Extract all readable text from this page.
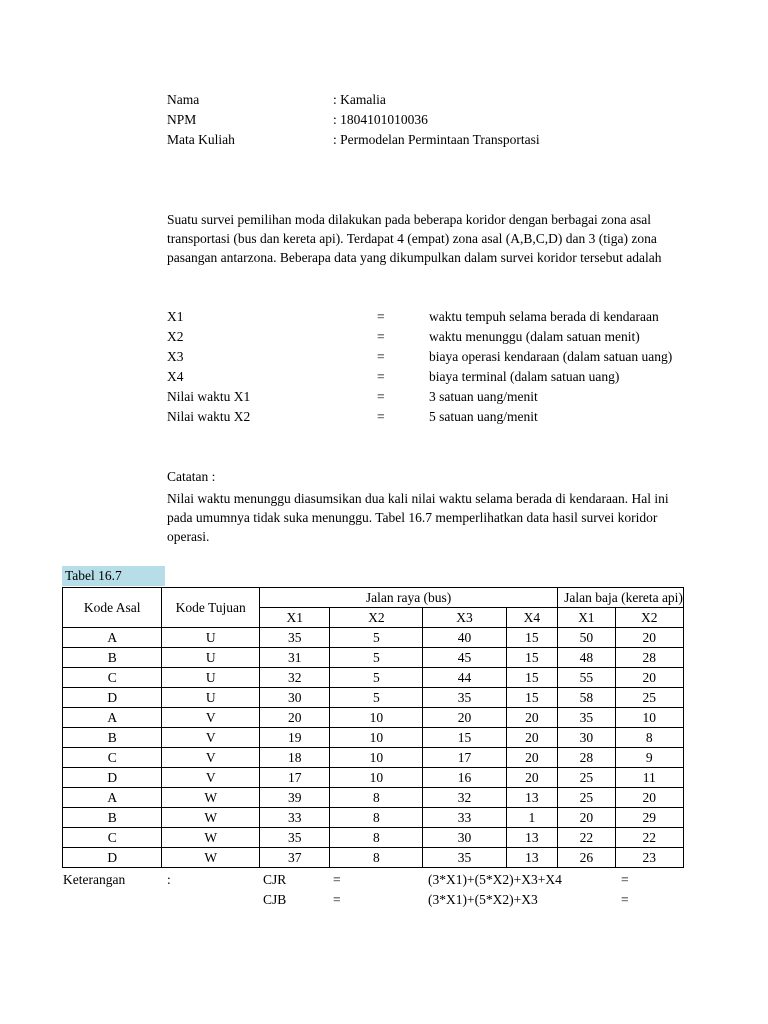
Nama	: Kamalia
NPM	: 1804101010036
Mata Kuliah	: Permodelan Permintaan Transportasi
Suatu survei pemilihan moda dilakukan pada beberapa koridor dengan berbagai zona asal
transportasi (bus dan kereta api). Terdapat 4 (empat) zona asal (A,B,C,D) dan 3 (tiga) zona
pasangan antarzona. Beberapa data yang dikumpulkan dalam survei koridor tersebut adalah
X1	=	waktu tempuh selama berada di kendaraan
X2	=	waktu menunggu (dalam satuan menit)
X3	=	biaya operasi kendaraan (dalam satuan uang)
X4	=	biaya terminal (dalam satuan uang)
Nilai waktu X1	=	3 satuan uang/menit
Nilai waktu X2	=	5 satuan uang/menit
Catatan :
Nilai waktu menunggu diasumsikan dua kali nilai waktu selama berada di kendaraan. Hal ini
pada umumnya tidak suka menunggu. Tabel 16.7 memperlihatkan data hasil survei koridor
operasi.
Tabel 16.7
Kode Asal	Kode Tujuan	Jalan raya (bus)				Jalan baja (kereta api)	
		X1	X2	X3	X4	X1	X2
A	U	35	5	40	15	50	20
B	U	31	5	45	15	48	28
C	U	32	5	44	15	55	20
D	U	30	5	35	15	58	25
A	V	20	10	20	20	35	10
B	V	19	10	15	20	30	8
C	V	18	10	17	20	28	9
D	V	17	10	16	20	25	11
A	W	39	8	32	13	25	20
B	W	33	8	33	1	20	29
C	W	35	8	30	13	22	22
D	W	37	8	35	13	26	23
Keterangan	:	CJR	=	(3*X1)+(5*X2)+X3+X4	=
CJB	=	(3*X1)+(5*X2)+X3	=
